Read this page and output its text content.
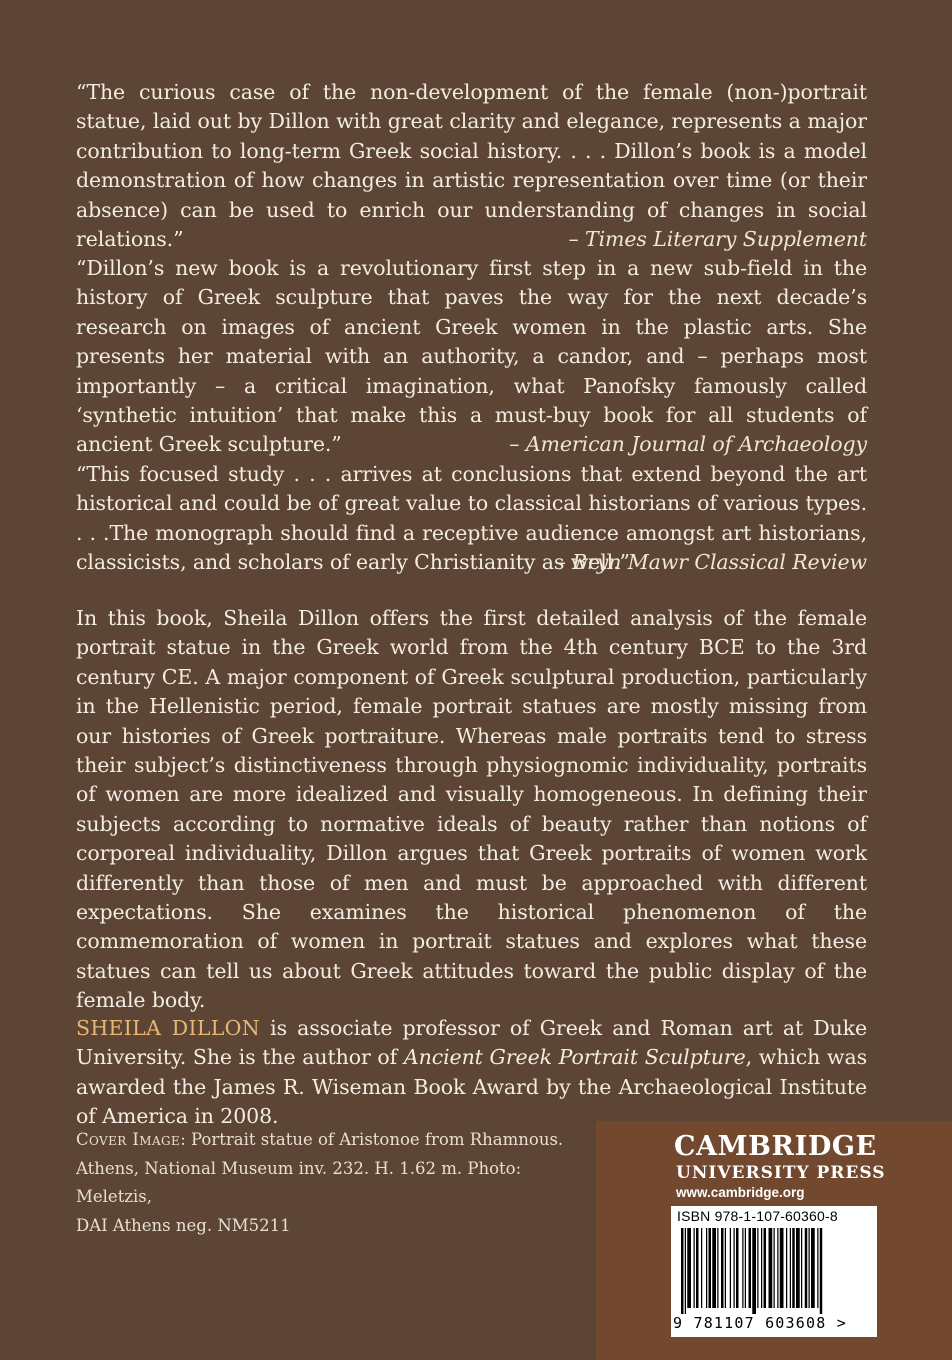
“The curious case of the non-development of the female (non-)portrait statue, laid out by Dillon with great clarity and elegance, represents a major contribution to long-term Greek social history. . . . Dillon’s book is a model demonstration of how changes in artistic representation over time (or their absence) can be used to enrich our understanding of changes in social relations.”	– Times Literary Supplement

“Dillon’s new book is a revolutionary first step in a new sub-field in the history of Greek sculpture that paves the way for the next decade’s research on images of ancient Greek women in the plastic arts. She presents her material with an authority, a candor, and – perhaps most importantly – a critical imagination, what Panofsky famously called ‘synthetic intuition’ that make this a must-buy book for all students of ancient Greek sculpture.”	– American Journal of Archaeology

“This focused study . . . arrives at conclusions that extend beyond the art historical and could be of great value to classical historians of various types. . . .The monograph should find a receptive audience amongst art historians, classicists, and scholars of early Christianity as well.”
– Bryn Mawr Classical Review

In this book, Sheila Dillon offers the first detailed analysis of the female portrait statue in the Greek world from the 4th century BCE to the 3rd century CE. A major component of Greek sculptural production, particularly in the Hellenistic period, female portrait statues are mostly missing from our histories of Greek portraiture. Whereas male portraits tend to stress their subject’s distinctiveness through physiognomic individuality, portraits of women are more idealized and visually homogeneous. In defining their subjects according to normative ideals of beauty rather than notions of corporeal individuality, Dillon argues that Greek portraits of women work differently than those of men and must be approached with different expectations. She examines the historical phenomenon of the commemoration of women in portrait statues and explores what these statues can tell us about Greek attitudes toward the public display of the female body.

SHEILA DILLON is associate professor of Greek and Roman art at Duke University. She is the author of Ancient Greek Portrait Sculpture, which was awarded the James R. Wiseman Book Award by the Archaeological Institute of America in 2008.

Cover Image: Portrait statue of Aristonoe from Rhamnous.
Athens, National Museum inv. 232. H. 1.62 m. Photo: Meletzis,
DAI Athens neg. NM5211

CAMBRIDGE
UNIVERSITY PRESS
www.cambridge.org
ISBN 978-1-107-60360-8
9 781107 603608 >
